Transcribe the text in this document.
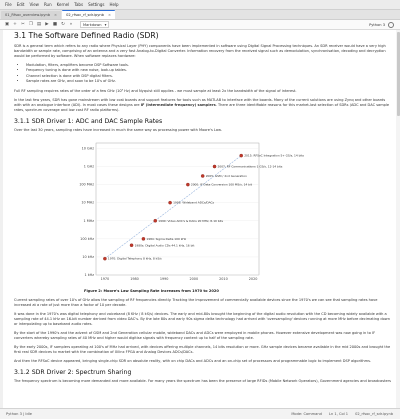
File Edit View Run Kernel Tabs Settings Help
01_Rfsoc_overview.ipynb ×	02_rfsoc_rf_sdr.ipynb ×
▣ + ✂ ❐ ▤ ▶ ■ ↻	»	Markdown ▾	Python 3
3.1 The Software Defined Radio (SDR)

SDR is a general term which refers to any radio where Physical Layer (PHY) components have been implemented in software using Digital Signal Processing techniques. An SDR receiver would have a very high bandwidth or sample rate, comprising of an antenna and a very fast Analog-to-Digital Converter. Information recovery from the received signal such as demodulation, synchronisation, decoding and decryption would be performed by software. When software replaces hardware:

• Modulation, filters, amplifiers become DSP Software tools.
• Frequency tuning is done with new noise, look-up tables.
• Channel selection is done with DSP digital filters.
• Sample rates are GHz, and soon to be 10's of GHz.

Full RF sampling requires rates of the order of a few GHz (10⁹ Hz) and Nyquist still applies - we must sample at least 2x the bandwidth of the signal of interest.

In the last few years, SDR has gone mainstream with low cost boards and support features for tools such as MATLAB to interface with the boards. Many of the current solutions are using Zynq and other boards with with an analogue interface (ADI). In most cases these designs are IF (intermediate frequency) samplers. There are three identifiable reasons for this market-last selection of SDRs (ADC and DAC sample rates, spectrum coverage and low cost RF radio platforms).

3.1.1 SDR Driver 1: ADC and DAC Sample Rates

Over the last 30 years, sampling rates have increased in much the same way as processing power with Moore's Law.

1 kHz
10 kHz
100 kHz
1 MHz
10 MHz
100 MHz
1 GHz
10 GHz
1970	1980	1990	2000	2010	2020
1970: Digital Telephony 8 kHz, 8 kS/s
1980s: Digital Audio CDs 44.1 kHz, 16 bit
1984: Sigma Delta 100 kHz
1990: Video ADC's & DACs 20 MHz, 8-10 bits
1995: Wideband ADCs/DACs
2000: IF Data Conversion 100 MS/s, 14 bit
2005: GSM / 2nd Generation
2007: RF Communications 1 GS/s, 12-14 bits
2015: RFSoC Integration 5+ GS/s, 14 bits
Figure 2: Moore's Law Sampling Rate Increases from 1970 to 2020

Current sampling rates of over 10's of GHz allow the sampling of RF frequencies directly. Tracking the improvement of commercially available devices since the 1970's we can see that sampling rates have increased at a rate of just more than a factor of 10 per decade.

It was done in the 1970's was digital telephony and voiceband (8 KHz / 8 kS/s) devices. The early and mid-80s brought the beginning of the digital audio revolution with the CD becoming widely available with a sampling rate of 44.1 kHz on 16-bit number derived from video DAC's. By the late 80s and early 90s sigma delta technology had arrived with 'oversampling' devices running at more MHz before decimating down or interpolating up to baseband audio rates.

By the start of the 1990's and the advent of GSM and 2nd Generation cellular mobile, wideband DACs and ADCs were employed in mobile phones. However extensive development was now going in to IF converters whereby sampling rates of 40 MHz and higher would digitise signals with frequency content up to half of the sampling rate.

By the early 2000s, IF samplers operating at 100's of MHz had arrived, with devices offering multiple channels, 14 bits resolution or more. GHz sample devices became available in the mid 2000s and brought the first real SDR devices to market with the combination of Xilinx FPGA and Analog Devices ADCs/DACs.

And then the RFSoC device appeared, bringing single-chip SDR on absolute reality, with on chip DACs and ADCs and an on-chip set of processors and programmable logic to implement DSP algorithms.

3.1.2 SDR Driver 2: Spectrum Sharing

The frequency spectrum is becoming more demanded and more available. For many years the spectrum has been the preserve of large RFIDs (Mobile Network Operators), Government agencies and broadcasters

Python 3 | Idle	Mode: Command Ln 1, Col 1 02_rfsoc_rf_sdr.ipynb
